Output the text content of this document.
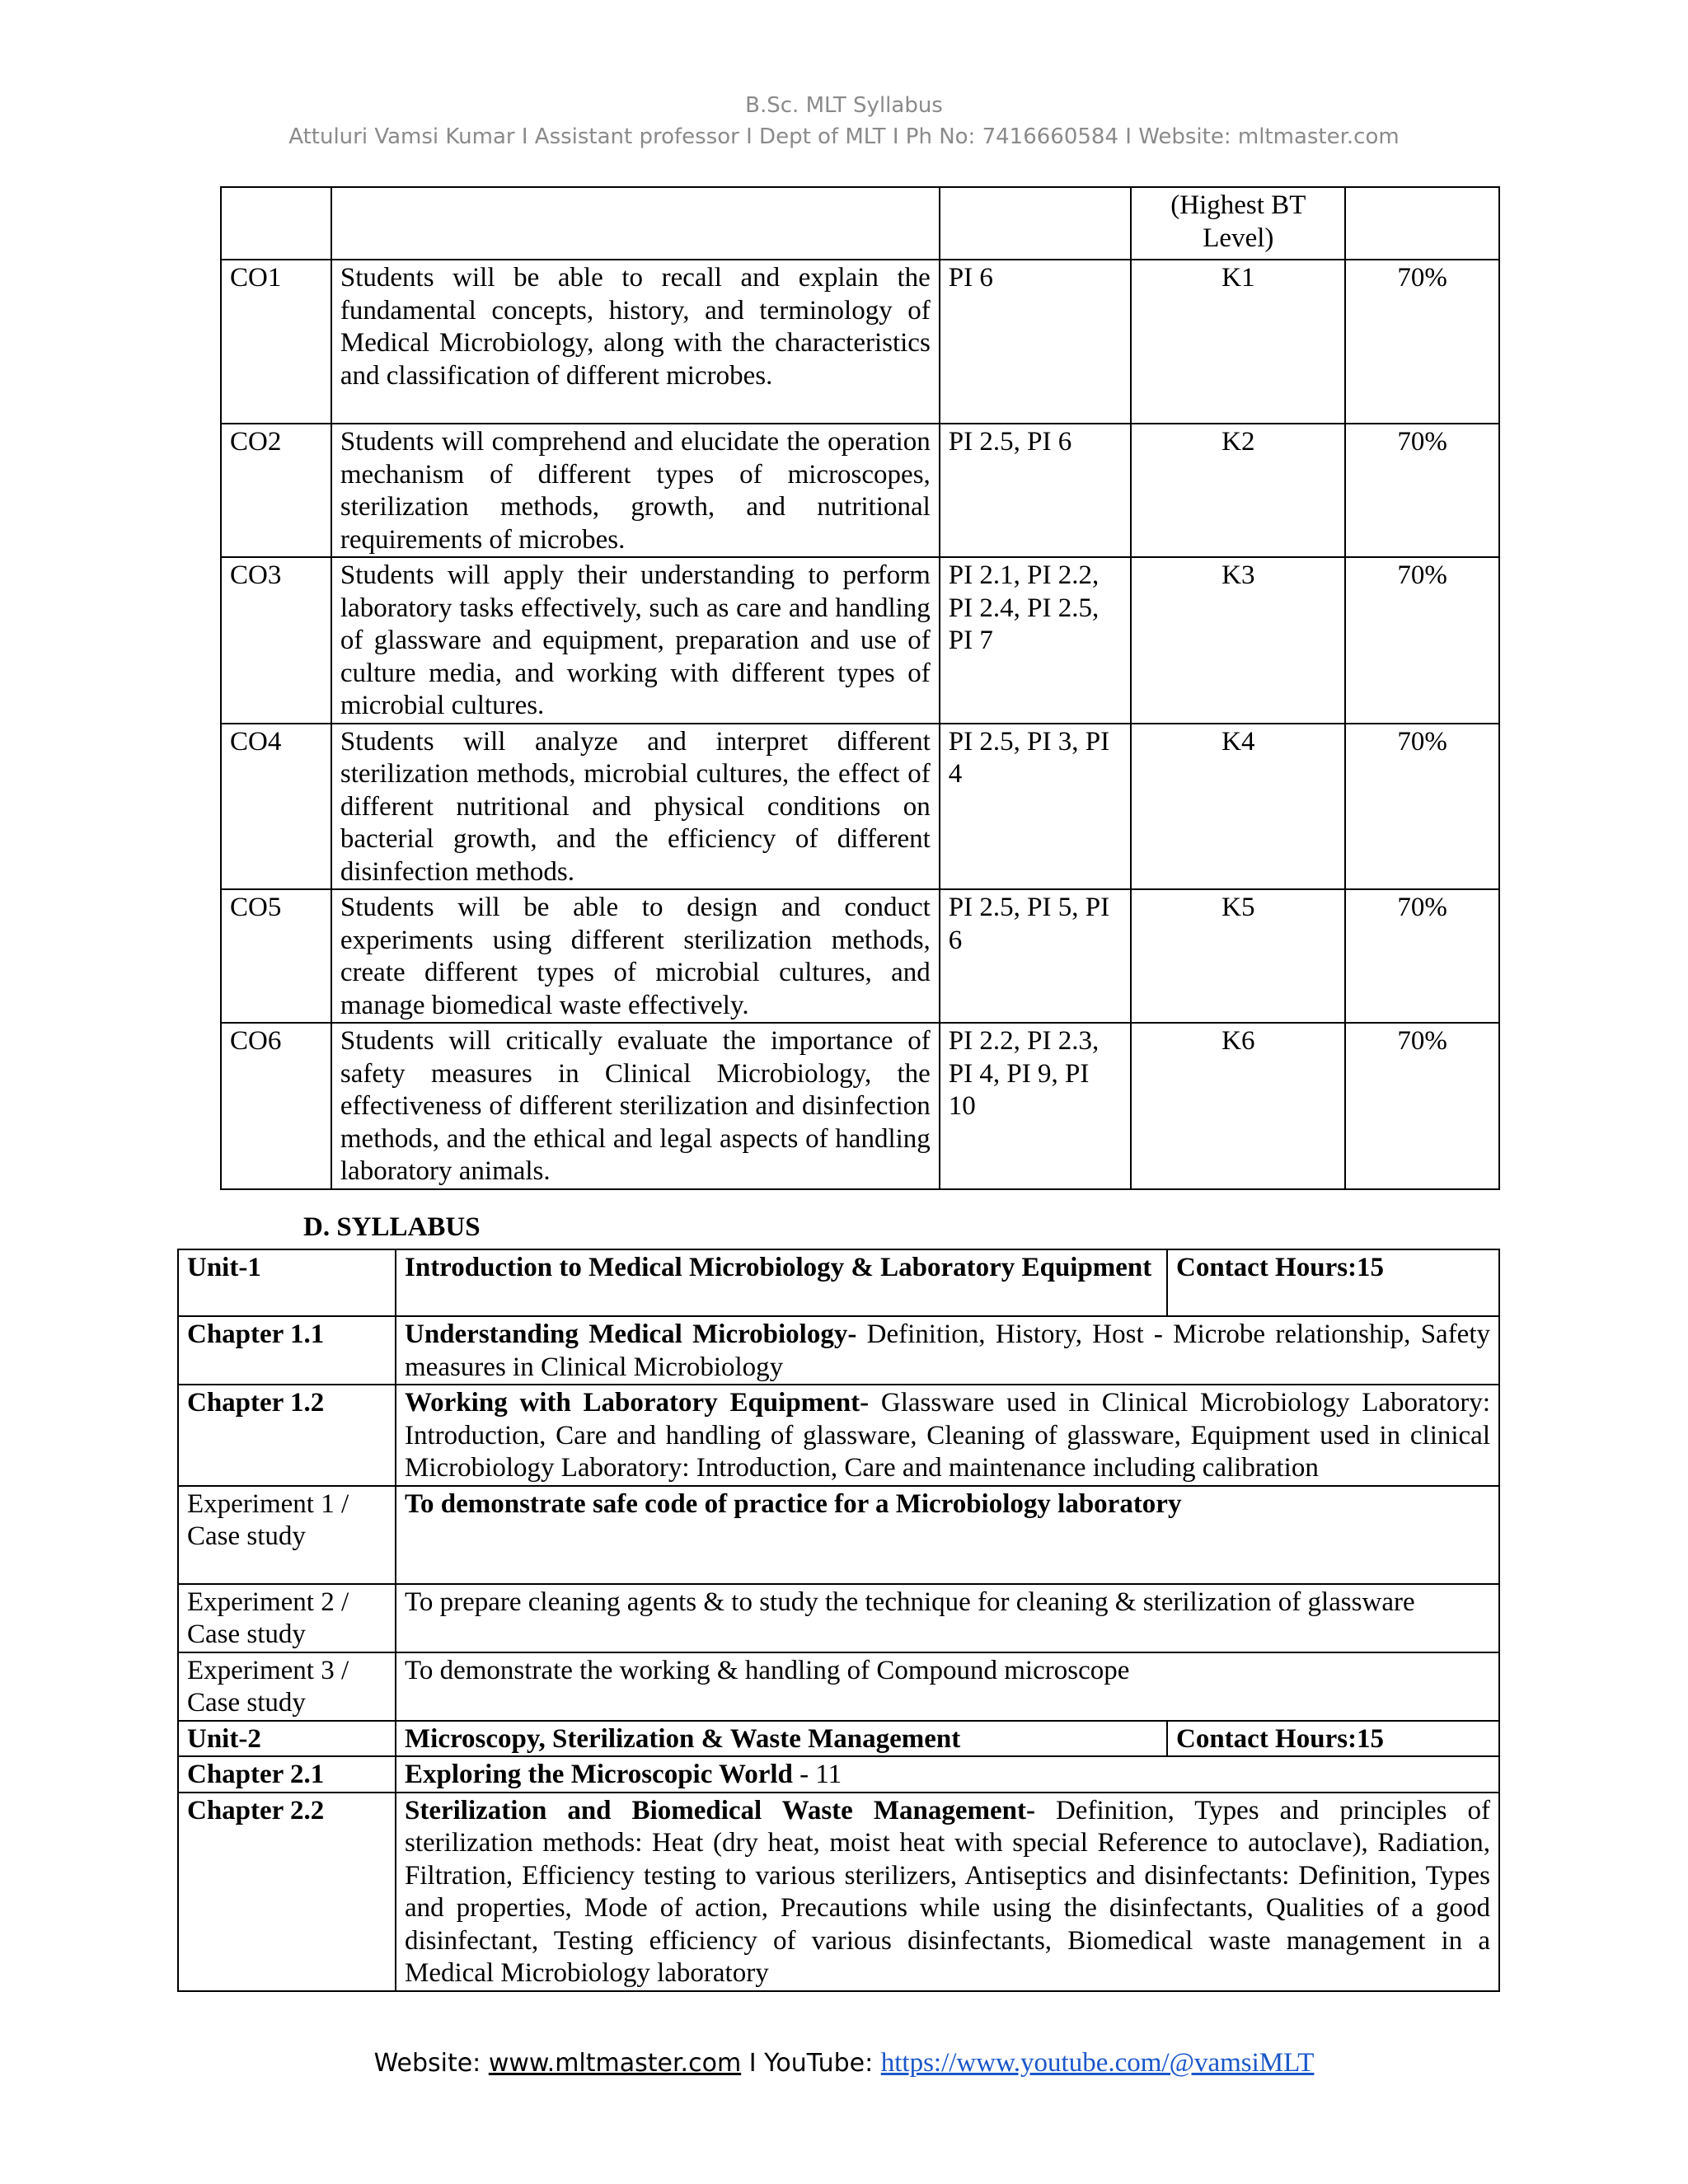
B.Sc. MLT Syllabus
Attuluri Vamsi Kumar I Assistant professor I Dept of MLT I Ph No: 7416660584 I Website: mltmaster.com
			(Highest BT Level)	
CO1	Students will be able to recall and explain the fundamental concepts, history, and terminology of Medical Microbiology, along with the characteristics and classification of different microbes.	PI 6	K1	70%
CO2	Students will comprehend and elucidate the operation mechanism of different types of microscopes, sterilization methods, growth, and nutritional requirements of microbes.	PI 2.5, PI 6	K2	70%
CO3	Students will apply their understanding to perform laboratory tasks effectively, such as care and handling of glassware and equipment, preparation and use of culture media, and working with different types of microbial cultures.	PI 2.1, PI 2.2, PI 2.4, PI 2.5, PI 7	K3	70%
CO4	Students will analyze and interpret different sterilization methods, microbial cultures, the effect of different nutritional and physical conditions on bacterial growth, and the efficiency of different disinfection methods.	PI 2.5, PI 3, PI 4	K4	70%
CO5	Students will be able to design and conduct experiments using different sterilization methods, create different types of microbial cultures, and manage biomedical waste effectively.	PI 2.5, PI 5, PI 6	K5	70%
CO6	Students will critically evaluate the importance of safety measures in Clinical Microbiology, the effectiveness of different sterilization and disinfection methods, and the ethical and legal aspects of handling laboratory animals.	PI 2.2, PI 2.3, PI 4, PI 9, PI 10	K6	70%
D. SYLLABUS
Unit-1	Introduction to Medical Microbiology & Laboratory Equipment	Contact Hours:15
Chapter 1.1	Understanding Medical Microbiology- Definition, History, Host - Microbe relationship, Safety measures in Clinical Microbiology	
Chapter 1.2	Working with Laboratory Equipment- Glassware used in Clinical Microbiology Laboratory: Introduction, Care and handling of glassware, Cleaning of glassware, Equipment used in clinical Microbiology Laboratory: Introduction, Care and maintenance including calibration	
Experiment 1 / Case study	To demonstrate safe code of practice for a Microbiology laboratory	
Experiment 2 / Case study	To prepare cleaning agents & to study the technique for cleaning & sterilization of glassware	
Experiment 3 / Case study	To demonstrate the working & handling of Compound microscope	
Unit-2	Microscopy, Sterilization & Waste Management	Contact Hours:15
Chapter 2.1	Exploring the Microscopic World - 11	
Chapter 2.2	Sterilization and Biomedical Waste Management- Definition, Types and principles of sterilization methods: Heat (dry heat, moist heat with special Reference to autoclave), Radiation, Filtration, Efficiency testing to various sterilizers, Antiseptics and disinfectants: Definition, Types and properties, Mode of action, Precautions while using the disinfectants, Qualities of a good disinfectant, Testing efficiency of various disinfectants, Biomedical waste management in a Medical Microbiology laboratory	
Website: www.mltmaster.com I YouTube: https://www.youtube.com/@vamsiMLT
